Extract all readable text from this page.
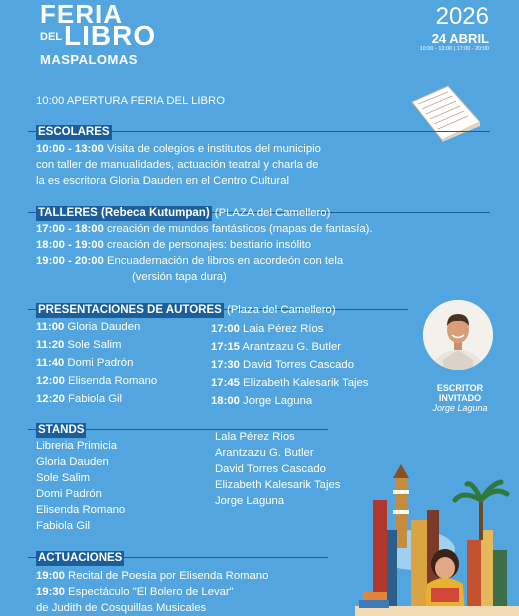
FERIA
DEL LIBRO
MASPALOMAS
2026
24 ABRIL
10:00 - 13:00 | 17:00 - 20:00
10:00 APERTURA FERIA DEL LIBRO
ESCOLARES
10:00 - 13:00 Visita de colegios e institutos del municipio
con taller de manualidades, actuación teatral y charla de
la es escritora Gloria Dauden en el Centro Cultural
TALLERES (Rebeca Kutumpan) (PLAZA del Camellero)
17:00 - 18:00 creación de mundos fantásticos (mapas de fantasía).
18:00 - 19:00 creación de personajes: bestiario insólito
19:00 - 20:00 Encuadernación de libros en acordeón con tela
(versión tapa dura)
PRESENTACIONES DE AUTORES (Plaza del Camellero)
11:00 Gloria Dauden
11:20 Sole Salim
11:40 Domi Padrón
12:00 Elisenda Romano
12:20 Fabiola Gil
17:00 Laia Pérez Ríos
17:15 Arantzazu G. Butler
17:30 David Torres Cascado
17:45 Elizabeth Kalesarik Tajes
18:00 Jorge Laguna
ESCRITOR
INVITADO
Jorge Laguna
STANDS
Libreria Primicia
Gloria Dauden
Sole Salim
Domi Padrón
Elisenda Romano
Fabiola Gil
Lala Pérez Rios
Arantzazu G. Butler
David Torres Cascado
Elizabeth Kalesarik Tajes
Jorge Laguna
ACTUACIONES
19:00 Recital de Poesía por Elisenda Romano
19:30 Espectáculo "El Bolero de Levar"
de Judith de Cosquillas Musicales
